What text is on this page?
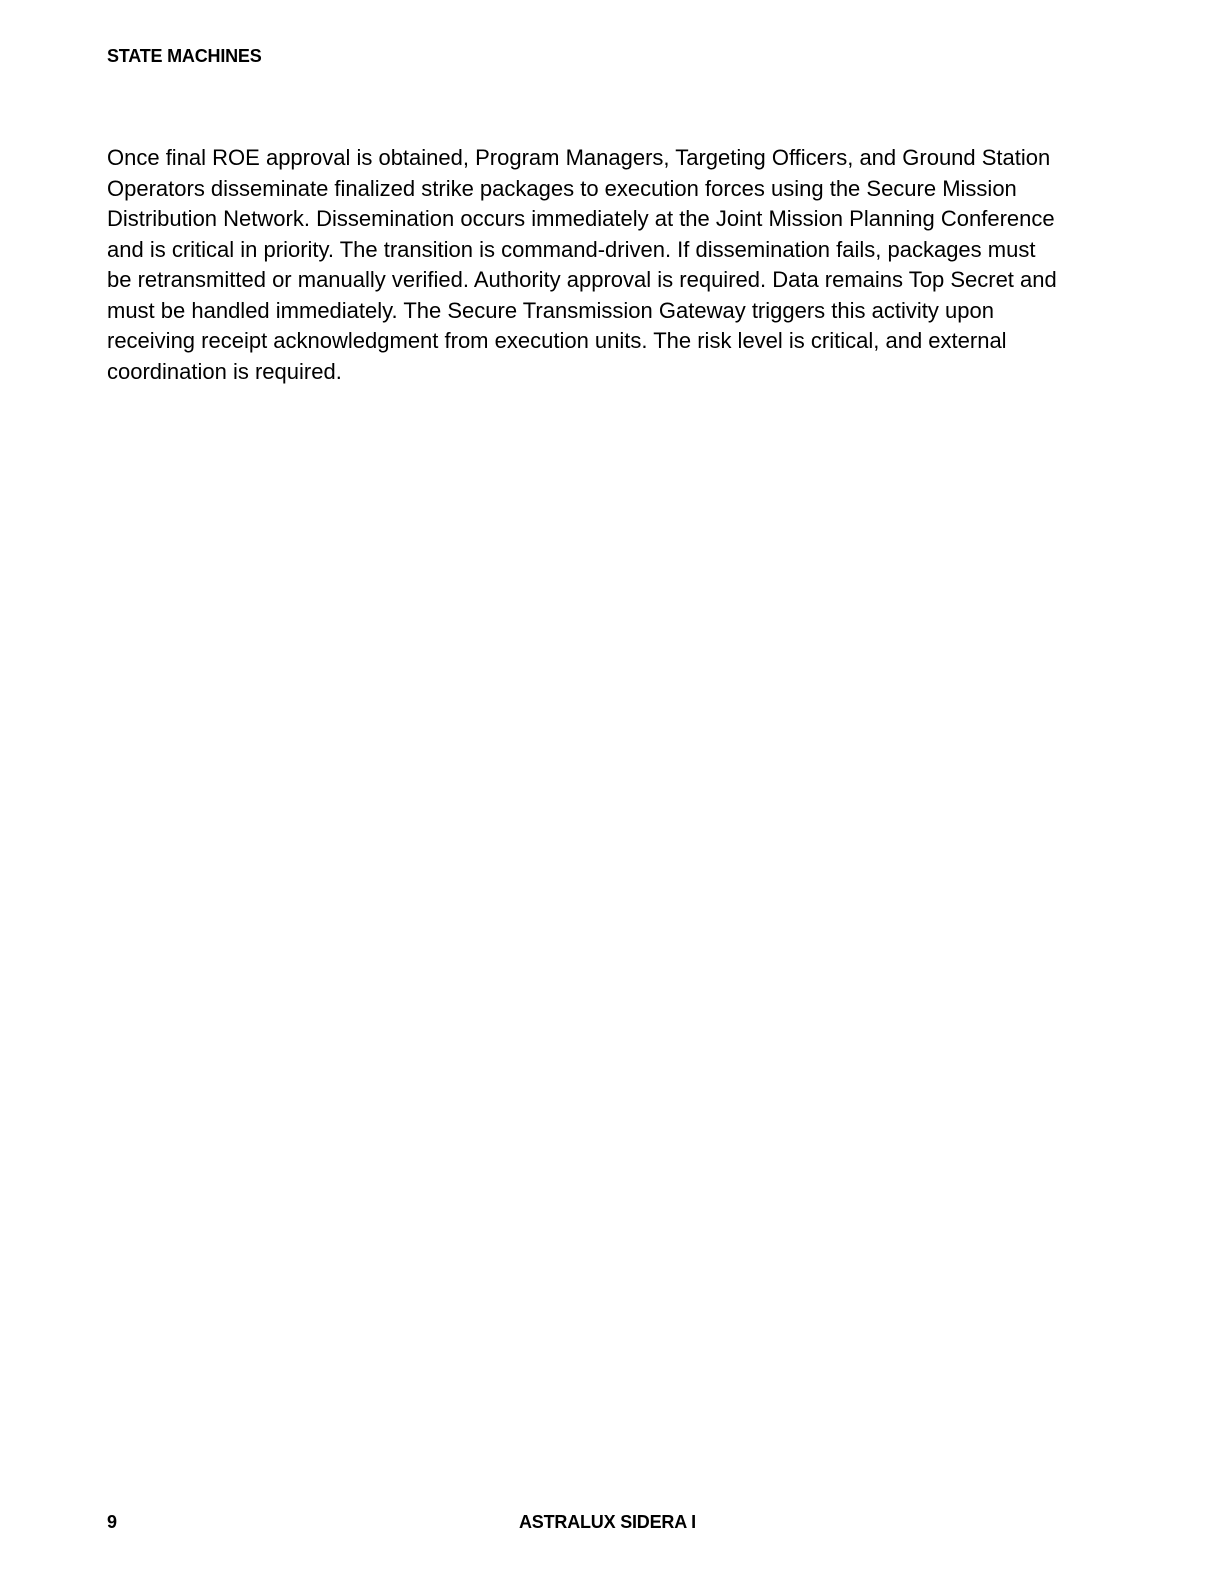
STATE MACHINES

Once final ROE approval is obtained, Program Managers, Targeting Officers, and Ground Station
Operators disseminate finalized strike packages to execution forces using the Secure Mission
Distribution Network. Dissemination occurs immediately at the Joint Mission Planning Conference
and is critical in priority. The transition is command-driven. If dissemination fails, packages must
be retransmitted or manually verified. Authority approval is required. Data remains Top Secret and
must be handled immediately. The Secure Transmission Gateway triggers this activity upon
receiving receipt acknowledgment from execution units. The risk level is critical, and external
coordination is required.

9	ASTRALUX SIDERA I
